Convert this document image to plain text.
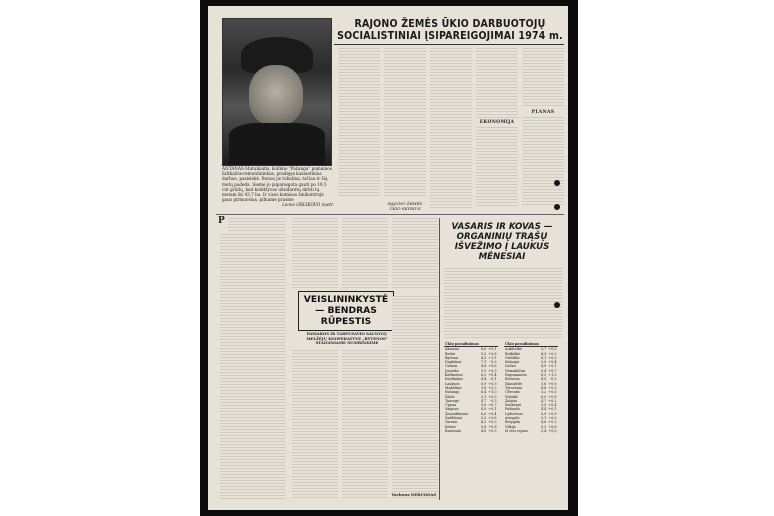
ANTANAS Matuikaitis, kolūkio "Pažanga" pamainos šaltkalvis-remontininkas, pradėjęs kasmetinius darbus, pasisiekė. Bonus jis tobulina, tačiau ir šių metų padeda. Sieme jo įsipareigota gauti po 19,5 cnt grūdų, kad kolektyvas užsidarėtų dirbti tą metam iki 43,7 ha. Ir visos komisos žinikontrojė gaus pirmuosius, pilname prasme
Leono ORLIKOVO nuotr.
RAJONO ŽEMĖS ŪKIO DARBUOTOJŲ
SOCIALISTINIAI ĮSIPAREIGOJIMAI 1974 m.
EKONOMIJA
PLANAS
RAJONO ŽEMĖS ŪKIO SKYRIUS
P
VEISLININKYSTĖ — BENDRAS RŪPESTIS
PASIAKOS IR TARPUSAVIO SALNYGŲ MELŽĖJŲ KOOPERATYVE „BYTENOS" STAIGINIAME SUSIRINKIME
VASARIS IR KOVAS — ORGANINIŲ TRĄŠŲ IŠVEŽIMO Į LAUKUS MĖNESIAI
Ūkio pavadinimas		
Akmena	6,6	+0,1
Biržai	5,2	+0,8
Bytėnai	4,5	+1,1
Dapkūnai	7,1	-0,2
Gaisrai	4,8	+0,6
Jonavka	5,5	+0,3
Kaltinėnai	6,2	+0,4
Kryžkalnis	4,4	-0,1
Laukuva	5,9	+0,9
Mažeikiai	3,8	+0,2
Pažanga	6,4	+1,0
Šilalė	5,1	+0,5
Tauragė	4,7	-0,3
Upyna	5,6	+0,7
Vaiguva	4,9	+0,1
Žemaitkiemis	6,0	+0,4
Žadžiūnai	5,3	+0,6
Varniai	4,2	+0,2
Kelmė	5,8	+0,8
Raseiniai	4,6	+0,3
Ūkio pavadinimas		
Aukštelkė	5,7	+0,5
Butkiškė	4,3	+0,2
Girdiškė	6,1	+0,9
Kalnujai	5,0	+0,4
Lioliai	4,9	+0,1
Nemakščiai	5,4	+0,7
Pagramantis	6,3	+1,2
Rietavas	4,5	-0,2
Skaudvilė	5,6	+0,6
Tytuvėnai	4,8	+0,3
Užventis	5,2	+0,5
Viduklė	6,0	+0,8
Žalpiai	4,7	+0,2
Šaukėnai	5,5	+0,4
Pašiaušė	4,4	+0,1
Lyduvėnai	5,9	+0,9
Ariogala	5,1	+0,3
Betygala	4,6	+0,2
Vilkija	5,3	+0,6
Iš viso rajone	5,4	+0,5
Vaclovas NERUOGAS
